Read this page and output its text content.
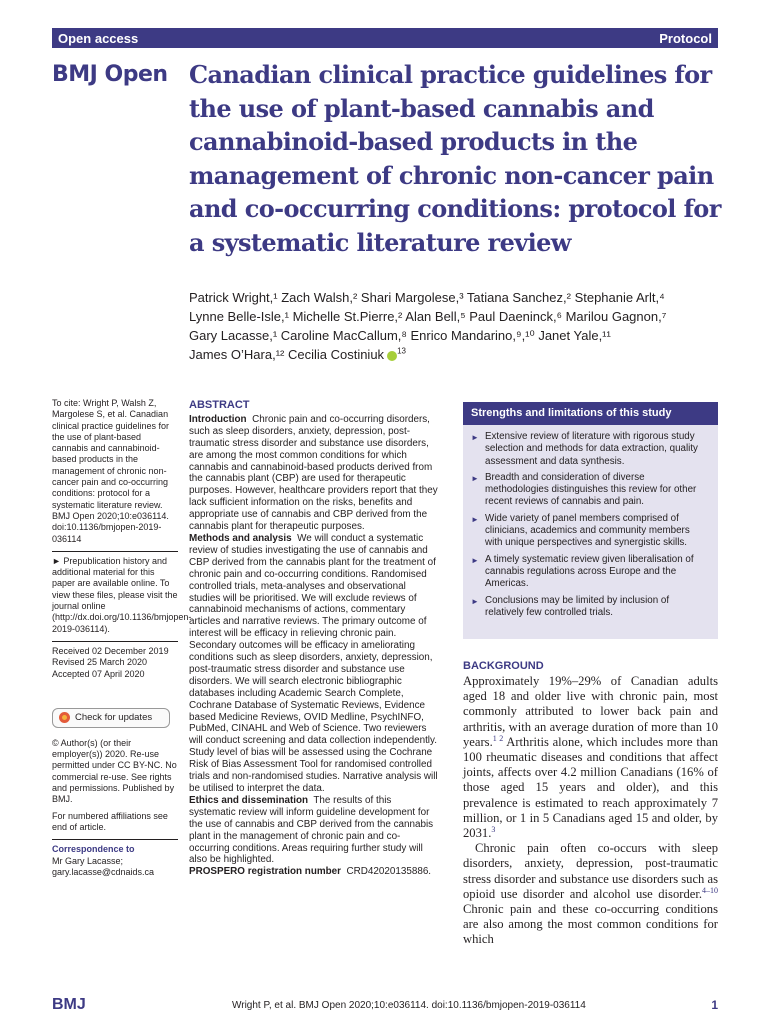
Open access	Protocol
BMJ Open Canadian clinical practice guidelines for the use of plant-based cannabis and cannabinoid-based products in the management of chronic non-cancer pain and co-occurring conditions: protocol for a systematic literature review
Patrick Wright,¹ Zach Walsh,² Shari Margolese,³ Tatiana Sanchez,² Stephanie Arlt,⁴
Lynne Belle-Isle,¹ Michelle St.Pierre,² Alan Bell,⁵ Paul Daeninck,⁶ Marilou Gagnon,⁷
Gary Lacasse,¹ Caroline MacCallum,⁸ Enrico Mandarino,⁹,¹⁰ Janet Yale,¹¹
James O’Hara,¹² Cecilia Costiniuk $^{13}$

To cite: Wright P, Walsh Z, Margolese S, et al. Canadian clinical practice guidelines for the use of plant-based cannabis and cannabinoid-based products in the management of chronic non-cancer pain and co-occurring conditions: protocol for a systematic literature review. BMJ Open 2020;10:e036114. doi:10.1136/bmjopen-2019-036114

► Prepublication history and additional material for this paper are available online. To view these files, please visit the journal online (http://dx.doi.org/10.1136/bmjopen-2019-036114).

Received 02 December 2019
Revised 25 March 2020
Accepted 07 April 2020
Check for updates

© Author(s) (or their employer(s)) 2020. Re-use permitted under CC BY-NC. No commercial re-use. See rights and permissions. Published by BMJ.

For numbered affiliations see end of article.

Correspondence to
Mr Gary Lacasse;
gary.lacasse@cdnaids.ca
ABSTRACT

Introduction Chronic pain and co-occurring disorders, such as sleep disorders, anxiety, depression, post-traumatic stress disorder and substance use disorders, are among the most common conditions for which cannabis and cannabinoid-based products derived from the cannabis plant (CBP) are used for therapeutic purposes. However, healthcare providers report that they lack sufficient information on the risks, benefits and appropriate use of cannabis and CBP derived from the cannabis plant for therapeutic purposes.

Methods and analysis We will conduct a systematic review of studies investigating the use of cannabis and CBP derived from the cannabis plant for the treatment of chronic pain and co-occurring conditions. Randomised controlled trials, meta-analyses and observational studies will be prioritised. We will exclude reviews of cannabinoid mechanisms of actions, commentary articles and narrative reviews. The primary outcome of interest will be efficacy in relieving chronic pain. Secondary outcomes will be efficacy in ameliorating conditions such as sleep disorders, anxiety, depression, post-traumatic stress disorder and substance use disorders. We will search electronic bibliographic databases including Academic Search Complete, Cochrane Database of Systematic Reviews, Evidence based Medicine Reviews, OVID Medline, PsychINFO, PubMed, CINAHL and Web of Science. Two reviewers will conduct screening and data collection independently. Study level of bias will be assessed using the Cochrane Risk of Bias Assessment Tool for randomised controlled trials and non-randomised studies. Narrative analysis will be utilised to interpret the data.

Ethics and dissemination The results of this systematic review will inform guideline development for the use of cannabis and CBP derived from the cannabis plant in the management of chronic pain and co-occurring conditions. Areas requiring further study will also be highlighted.

PROSPERO registration number CRD42020135886.

Strengths and limitations of this study
► Extensive review of literature with rigorous study selection and methods for data extraction, quality assessment and data synthesis.
► Breadth and consideration of diverse methodologies distinguishes this review for other recent reviews of cannabis and pain.
► Wide variety of panel members comprised of clinicians, academics and community members with unique perspectives and synergistic skills.
► A timely systematic review given liberalisation of cannabis regulations across Europe and the Americas.
► Conclusions may be limited by inclusion of relatively few controlled trials.
BACKGROUND

Approximately 19%–29% of Canadian adults aged 18 and older live with chronic pain, most commonly attributed to lower back pain and arthritis, with an average duration of more than 10 years.$^{1 2}$ Arthritis alone, which includes more than 100 rheumatic diseases and conditions that affect joints, affects over 4.2 million Canadians (16% of those aged 15 years and older), and this prevalence is estimated to reach approximately 7 million, or 1 in 5 Canadians aged 15 and older, by 2031.$^3$

Chronic pain often co-occurs with sleep disorders, anxiety, depression, post-traumatic stress disorder and substance use disorders such as opioid use disorder and alcohol use disorder.$^{4-10}$ Chronic pain and these co-occurring conditions are also among the most common conditions for which

BMJ	Wright P, et al. BMJ Open 2020;10:e036114. doi:10.1136/bmjopen-2019-036114	1
